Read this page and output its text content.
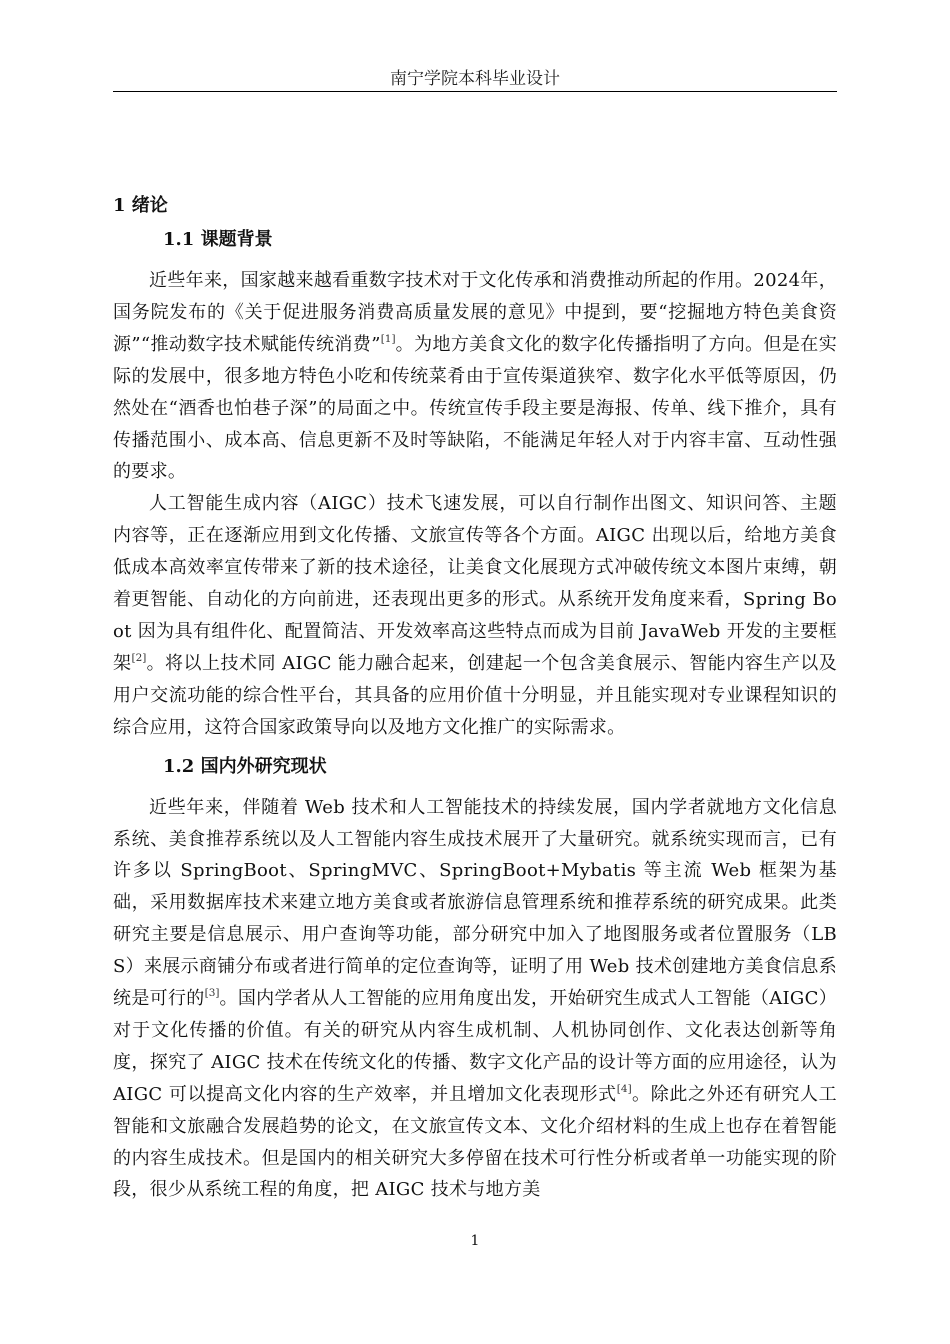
南宁学院本科毕业设计
1 绪论
1.1 课题背景

近些年来，国家越来越看重数字技术对于文化传承和消费推动所起的作用。2024年，国务院发布的《关于促进服务消费高质量发展的意见》中提到，要“挖掘地方特色美食资源”“推动数字技术赋能传统消费”[1]。为地方美食文化的数字化传播指明了方向。但是在实际的发展中，很多地方特色小吃和传统菜肴由于宣传渠道狭窄、数字化水平低等原因，仍然处在“酒香也怕巷子深”的局面之中。传统宣传手段主要是海报、传单、线下推介，具有传播范围小、成本高、信息更新不及时等缺陷，不能满足年轻人对于内容丰富、互动性强的要求。

人工智能生成内容（AIGC）技术飞速发展，可以自行制作出图文、知识问答、主题内容等，正在逐渐应用到文化传播、文旅宣传等各个方面。AIGC 出现以后，给地方美食低成本高效率宣传带来了新的技术途径，让美食文化展现方式冲破传统文本图片束缚，朝着更智能、自动化的方向前进，还表现出更多的形式。从系统开发角度来看，Spring Boot 因为具有组件化、配置简洁、开发效率高这些特点而成为目前 JavaWeb 开发的主要框架[2]。将以上技术同 AIGC 能力融合起来，创建起一个包含美食展示、智能内容生产以及用户交流功能的综合性平台，其具备的应用价值十分明显，并且能实现对专业课程知识的综合应用，这符合国家政策导向以及地方文化推广的实际需求。

1.2 国内外研究现状

近些年来，伴随着 Web 技术和人工智能技术的持续发展，国内学者就地方文化信息系统、美食推荐系统以及人工智能内容生成技术展开了大量研究。就系统实现而言，已有许多以 SpringBoot、SpringMVC、SpringBoot+Mybatis 等主流 Web 框架为基础，采用数据库技术来建立地方美食或者旅游信息管理系统和推荐系统的研究成果。此类研究主要是信息展示、用户查询等功能，部分研究中加入了地图服务或者位置服务（LBS）来展示商铺分布或者进行简单的定位查询等，证明了用 Web 技术创建地方美食信息系统是可行的[3]。国内学者从人工智能的应用角度出发，开始研究生成式人工智能（AIGC）对于文化传播的价值。有关的研究从内容生成机制、人机协同创作、文化表达创新等角度，探究了 AIGC 技术在传统文化的传播、数字文化产品的设计等方面的应用途径，认为 AIGC 可以提高文化内容的生产效率，并且增加文化表现形式[4]。除此之外还有研究人工智能和文旅融合发展趋势的论文，在文旅宣传文本、文化介绍材料的生成上也存在着智能的内容生成技术。但是国内的相关研究大多停留在技术可行性分析或者单一功能实现的阶段，很少从系统工程的角度，把 AIGC 技术与地方美

1
